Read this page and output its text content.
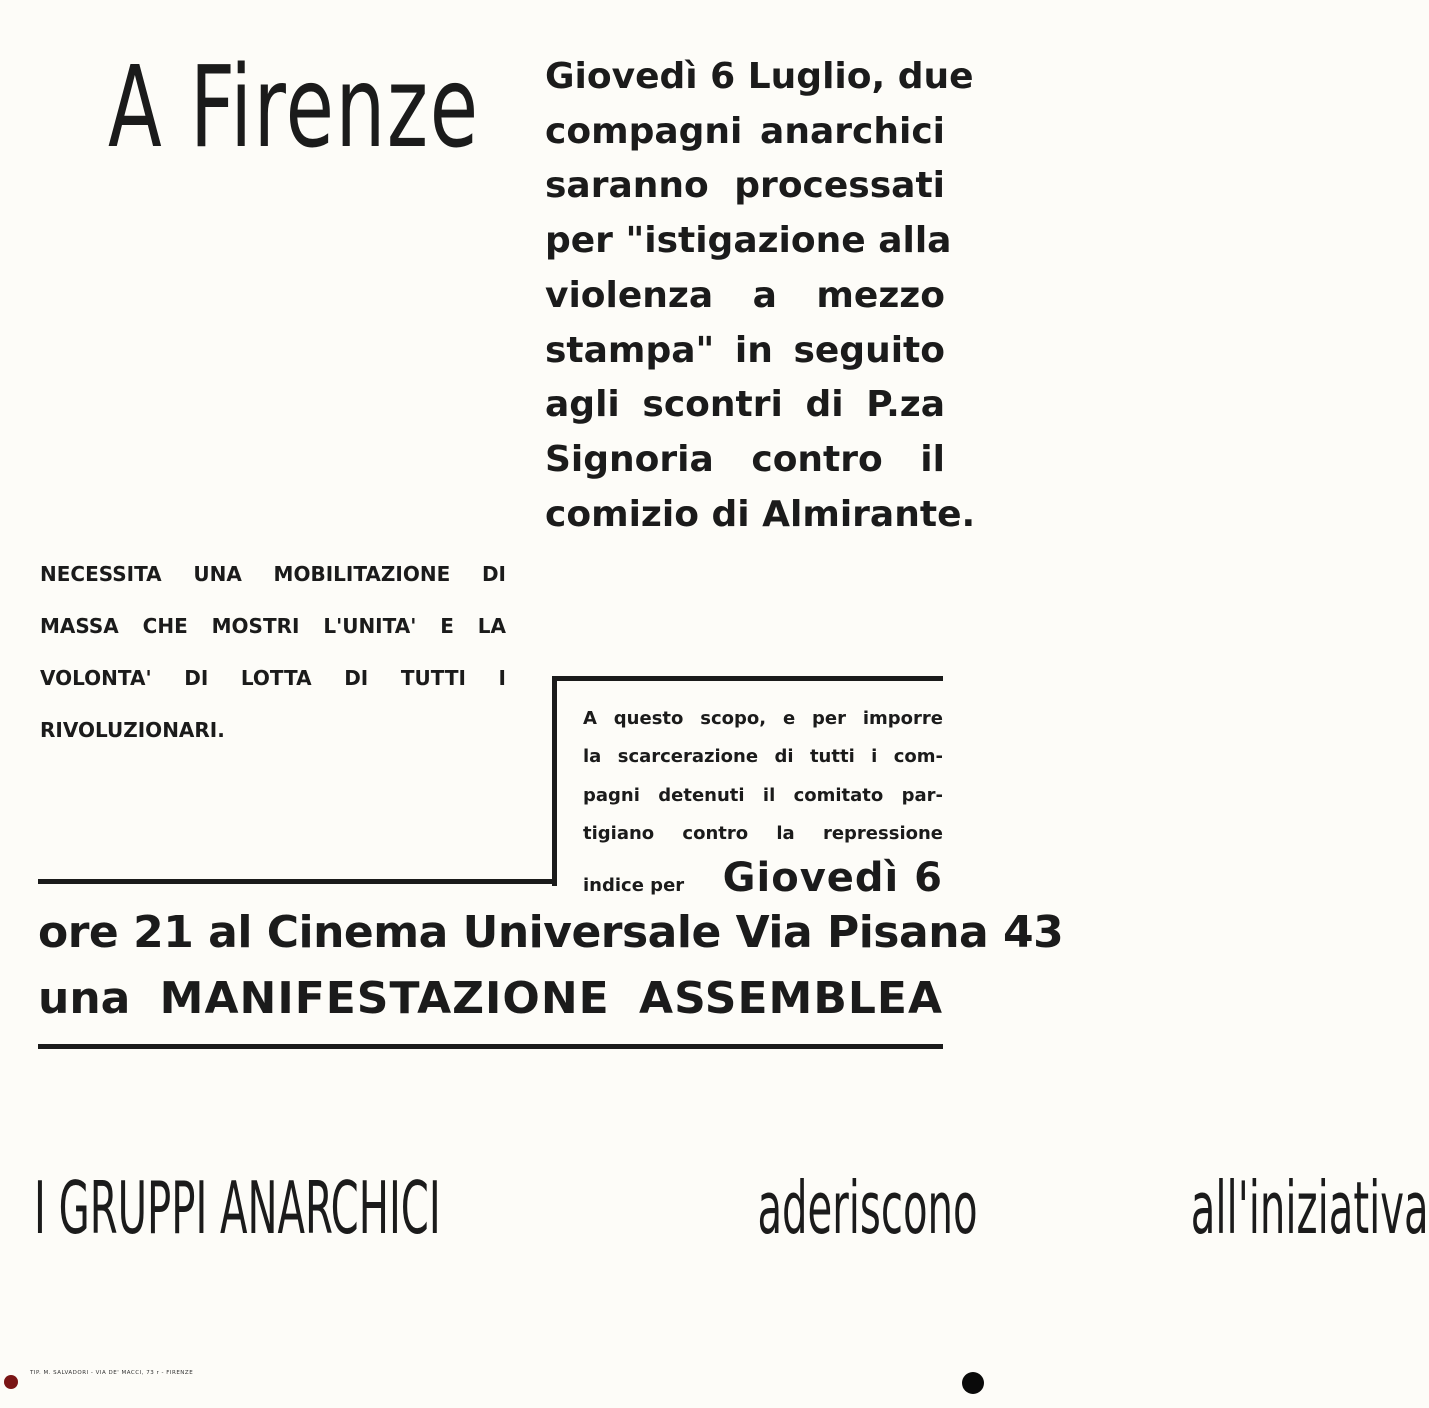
A Firenze Giovedì 6 Luglio, due
compagni anarchici
saranno processati
per "istigazione alla
violenza a mezzo
stampa" in seguito
agli scontri di P.za
Signoria contro il
comizio di Almirante.
NECESSITA UNA MOBILITAZIONE DI
MASSA CHE MOSTRI L'UNITA' E LA
VOLONTA' DI LOTTA DI TUTTI I
RIVOLUZIONARI.	A questo scopo, e per imporre
la scarcerazione di tutti i com-
pagni detenuti il comitato par-
tigiano contro la repressione
indice per Giovedì 6
ore 21 al Cinema Universale Via Pisana 43
una MANIFESTAZIONE ASSEMBLEA
I GRUPPI ANARCHICI	aderiscono	all'iniziativa
TIP. M. SALVADORI - VIA DE' MACCI, 73 r - FIRENZE
